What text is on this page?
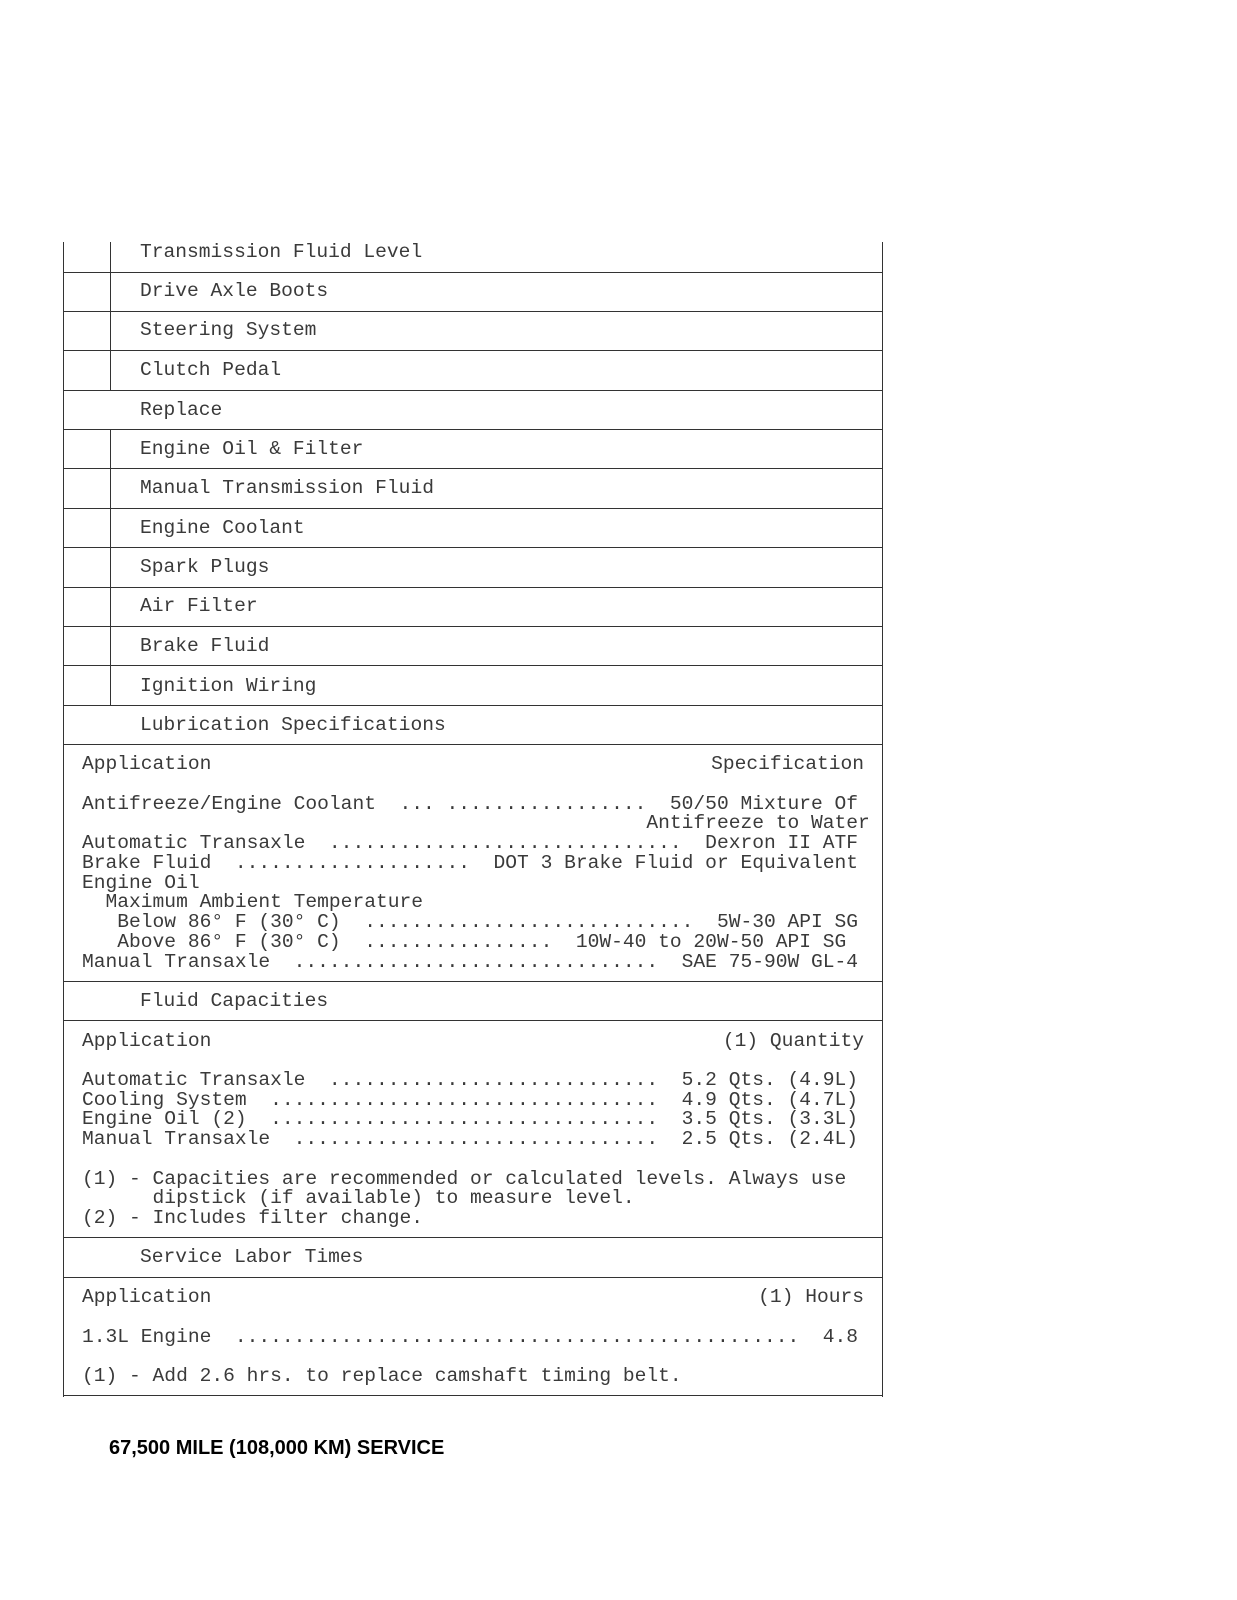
Transmission Fluid Level
Drive Axle Boots
Steering System
Clutch Pedal
Replace
Engine Oil & Filter
Manual Transmission Fluid
Engine Coolant
Spark Plugs
Air Filter
Brake Fluid
Ignition Wiring
Lubrication Specifications
Application	Specification
Antifreeze/Engine Coolant  ... .................  50/50 Mixture Of
Antifreeze to Water
Automatic Transaxle  ..............................  Dexron II ATF
Brake Fluid  ....................  DOT 3 Brake Fluid or Equivalent
Engine Oil
Maximum Ambient Temperature
Below 86° F (30° C)  ............................  5W-30 API SG
Above 86° F (30° C)  ................  10W-40 to 20W-50 API SG
Manual Transaxle  ...............................  SAE 75-90W GL-4
Fluid Capacities
Application	(1) Quantity
Automatic Transaxle  ............................  5.2 Qts. (4.9L)
Cooling System  .................................  4.9 Qts. (4.7L)
Engine Oil (2)  .................................  3.5 Qts. (3.3L)
Manual Transaxle  ...............................  2.5 Qts. (2.4L)
(1) - Capacities are recommended or calculated levels. Always use
dipstick (if available) to measure level.
(2) - Includes filter change.
Service Labor Times
Application	(1) Hours
1.3L Engine  ................................................  4.8
(1) - Add 2.6 hrs. to replace camshaft timing belt.
67,500 MILE (108,000 KM) SERVICE
